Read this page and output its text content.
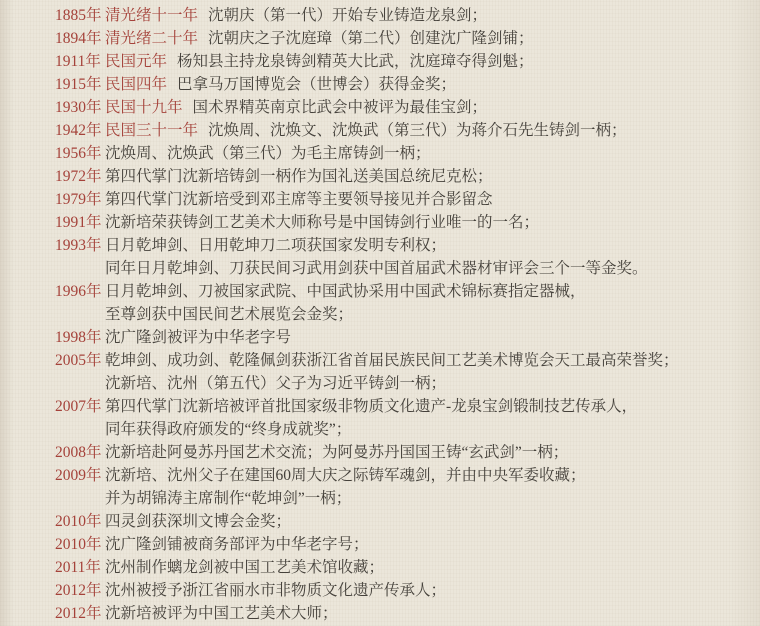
1885年 清光绪十一年 沈朝庆（第一代）开始专业铸造龙泉剑；
1894年 清光绪二十年 沈朝庆之子沈庭璋（第二代）创建沈广隆剑铺；
1911年 民国元年 杨知县主持龙泉铸剑精英大比武，沈庭璋夺得剑魁；
1915年 民国四年 巴拿马万国博览会（世博会）获得金奖；
1930年 民国十九年 国术界精英南京比武会中被评为最佳宝剑；
1942年 民国三十一年 沈焕周、沈焕文、沈焕武（第三代）为蒋介石先生铸剑一柄；
1956年 沈焕周、沈焕武（第三代）为毛主席铸剑一柄；
1972年 第四代掌门沈新培铸剑一柄作为国礼送美国总统尼克松；
1979年 第四代掌门沈新培受到邓主席等主要领导接见并合影留念
1991年 沈新培荣获铸剑工艺美术大师称号是中国铸剑行业唯一的一名；
1993年 日月乾坤剑、日用乾坤刀二项获国家发明专利权；
同年日月乾坤剑、刀获民间习武用剑获中国首届武术器材审评会三个一等金奖。
1996年 日月乾坤剑、刀被国家武院、中国武协采用中国武术锦标赛指定器械，
至尊剑获中国民间艺术展览会金奖；
1998年 沈广隆剑被评为中华老字号
2005年 乾坤剑、成功剑、乾隆佩剑获浙江省首届民族民间工艺美术博览会天工最高荣誉奖；
沈新培、沈州（第五代）父子为习近平铸剑一柄；
2007年 第四代掌门沈新培被评首批国家级非物质文化遗产-龙泉宝剑锻制技艺传承人，
同年获得政府颁发的“终身成就奖”；
2008年 沈新培赴阿曼苏丹国艺术交流；为阿曼苏丹国国王铸“玄武剑”一柄；
2009年 沈新培、沈州父子在建国60周大庆之际铸军魂剑，并由中央军委收藏；
并为胡锦涛主席制作“乾坤剑”一柄；
2010年 四灵剑获深圳文博会金奖；
2010年 沈广隆剑铺被商务部评为中华老字号；
2011年 沈州制作螭龙剑被中国工艺美术馆收藏；
2012年 沈州被授予浙江省丽水市非物质文化遗产传承人；
2012年 沈新培被评为中国工艺美术大师；
